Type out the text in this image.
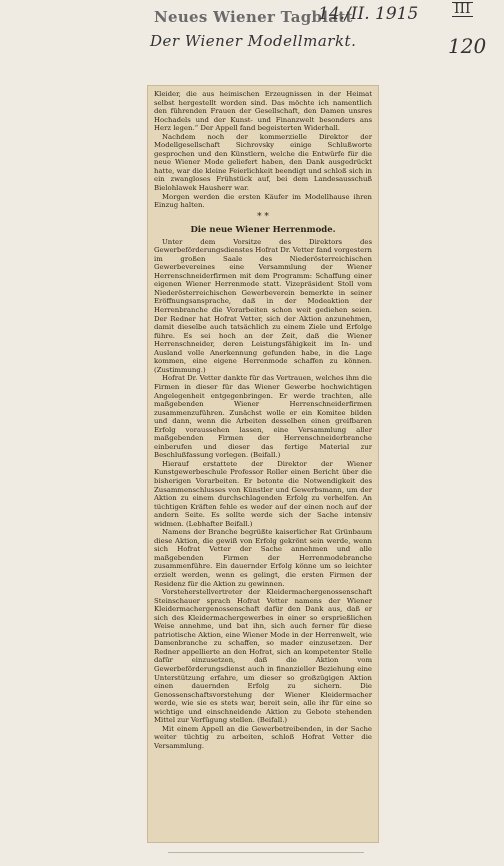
Neues Wiener Tagblatt
14./II. 1915	III
Der Wiener Modellmarkt.	120

Kleider, die aus heimischen Erzeugnissen in der Heimat selbst hergestellt worden sind. Das möchte ich namentlich den führenden Frauen der Gesellschaft, den Damen unsres Hochadels und der Kunst- und Finanzwelt besonders ans Herz legen.“ Der Appell fand begeisterten Widerhall.

Nachdem noch der kommerzielle Direktor der Modellgesellschaft Sichrovsky einige Schlußworte gesprochen und den Künstlern, welche die Entwürfe für die neue Wiener Mode geliefert haben, den Dank ausgedrückt hatte, war die kleine Feierlichkeit beendigt und schloß sich in ein zwangloses Frühstück auf, bei dem Landesausschuß Bielohlawek Hausherr war.

Morgen werden die ersten Käufer im Modellhause ihren Einzug halten.

* *
Die neue Wiener Herrenmode.

Unter dem Vorsitze des Direktors des Gewerbeförderungsdienstes Hofrat Dr. Vetter fand vorgestern im großen Saale des Niederösterreichischen Gewerbevereines eine Versammlung der Wiener Herrenschneiderfirmen mit dem Programm: Schaffung einer eigenen Wiener Herrenmode statt. Vizepräsident Stoll vom Niederösterreichischen Gewerbeverein bemerkte in seiner Eröffnungsansprache, daß in der Modeaktion der Herrenbranche die Vorarbeiten schon weit gediehen seien. Der Redner hat Hofrat Vetter, sich der Aktion anzunehmen, damit dieselbe auch tatsächlich zu einem Ziele und Erfolge führe. Es sei hoch an der Zeit, daß die Wiener Herrenschneider, deren Leistungsfähigkeit im In- und Ausland volle Anerkennung gefunden habe, in die Lage kommen, eine eigene Herrenmode schaffen zu können. (Zustimmung.)

Hofrat Dr. Vetter dankte für das Vertrauen, welches ihm die Firmen in dieser für das Wiener Gewerbe hochwichtigen Angelegenheit entgegenbringen. Er werde trachten, alle maßgebenden Wiener Herrenschneiderfirmen zusammenzuführen. Zunächst wolle er ein Komitee bilden und dann, wenn die Arbeiten desselben einen greifbaren Erfolg voraussehen lassen, eine Versammlung aller maßgebenden Firmen der Herrenschneiderbranche einberufen und dieser das fertige Material zur Beschlußfassung vorlegen. (Beifall.)

Hierauf erstattete der Direktor der Wiener Kunstgewerbeschule Professor Roller einen Bericht über die bisherigen Vorarbeiten. Er betonte die Notwendigkeit des Zusammenschlusses von Künstler und Gewerbsmann, um der Aktion zu einem durchschlagenden Erfolg zu verhelfen. An tüchtigen Kräften fehle es weder auf der einen noch auf der andern Seite. Es sollte werde sich der Sache intensiv widmen. (Lebhafter Beifall.)

Namens der Branche begrüßte kaiserlicher Rat Grünbaum diese Aktion, die gewiß von Erfolg gekrönt sein werde, wenn sich Hofrat Vetter der Sache annehmen und alle maßgebenden Firmen der Herrenmodebranche zusammenführe. Ein dauernder Erfolg könne um so leichter erzielt werden, wenn es gelingt, die ersten Firmen der Residenz für die Aktion zu gewinnen.

Vorsteherstellvertreter der Kleidermachergenossenschaft Steinschauer sprach Hofrat Vetter namens der Wiener Kleidermachergenossenschaft dafür den Dank aus, daß er sich des Kleidermachergewerbes in einer so ersprießlichen Weise annehme, und bat ihn, sich auch ferner für diese patriotische Aktion, eine Wiener Mode in der Herrenwelt, wie Damenbranche zu schaffen, so mader einzusetzen. Der Redner appellierte an den Hofrat, sich an kompetenter Stelle dafür einzusetzen, daß die Aktion vom Gewerbeförderungsdienst auch in finanzieller Beziehung eine Unterstützung erfahre, um dieser so großzügigen Aktion einen dauernden Erfolg zu sichern. Die Genossenschaftsvorstehung der Wiener Kleidermacher werde, wie sie es stets war, bereit sein, alle ihr für eine so wichtige und einschneidende Aktion zu Gebote stehenden Mittel zur Verfügung stellen. (Beifall.)

Mit einem Appell an die Gewerbetreibenden, in der Sache weiter tüchtig zu arbeiten, schloß Hofrat Vetter die Versammlung.
